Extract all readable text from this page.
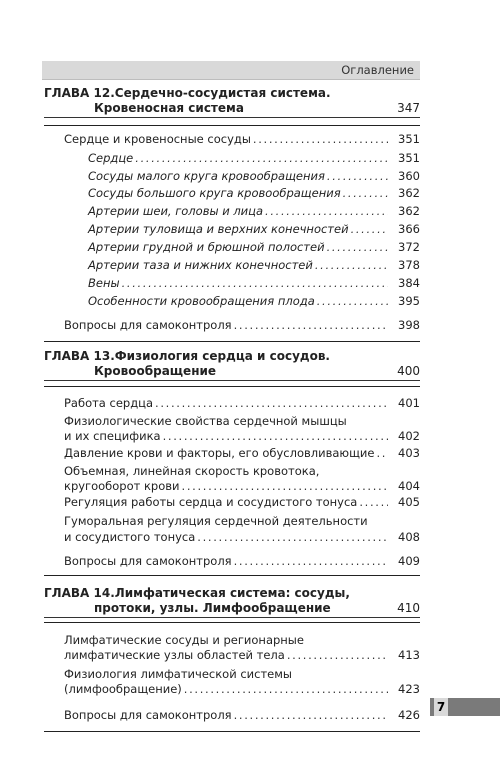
Оглавление
ГЛАВА 12.Сердечно-сосудистая система.
Кровеносная система	347
Сердце и кровеносные сосуды . . .	351
Сердце . . .	351
Сосуды малого круга кровообращения . . .	360
Сосуды большого круга кровообращения . . .	362
Артерии шеи, головы и лица . . .	362
Артерии туловища и верхних конечностей . . .	366
Артерии грудной и брюшной полостей . . .	372
Артерии таза и нижних конечностей . . .	378
Вены . . .	384
Особенности кровообращения плода . . .	395
Вопросы для самоконтроля . . .	398
ГЛАВА 13.Физиология сердца и сосудов.
Кровообращение	400
Работа сердца . . .	401
Физиологические свойства сердечной мышцы
и их специфика . . .	402
Давление крови и факторы, его обусловливающие . . .	403
Объемная, линейная скорость кровотока,
кругооборот крови . . .	404
Регуляция работы сердца и сосудистого тонуса . . .	405
Гуморальная регуляция сердечной деятельности
и сосудистого тонуса . . .	408
Вопросы для самоконтроля . . .	409
ГЛАВА 14.Лимфатическая система: сосуды,
протоки, узлы. Лимфообращение	410
Лимфатические сосуды и регионарные
лимфатические узлы областей тела . . .	413
Физиология лимфатической системы
(лимфообращение) . . .	423
Вопросы для самоконтроля . . .	426
7
